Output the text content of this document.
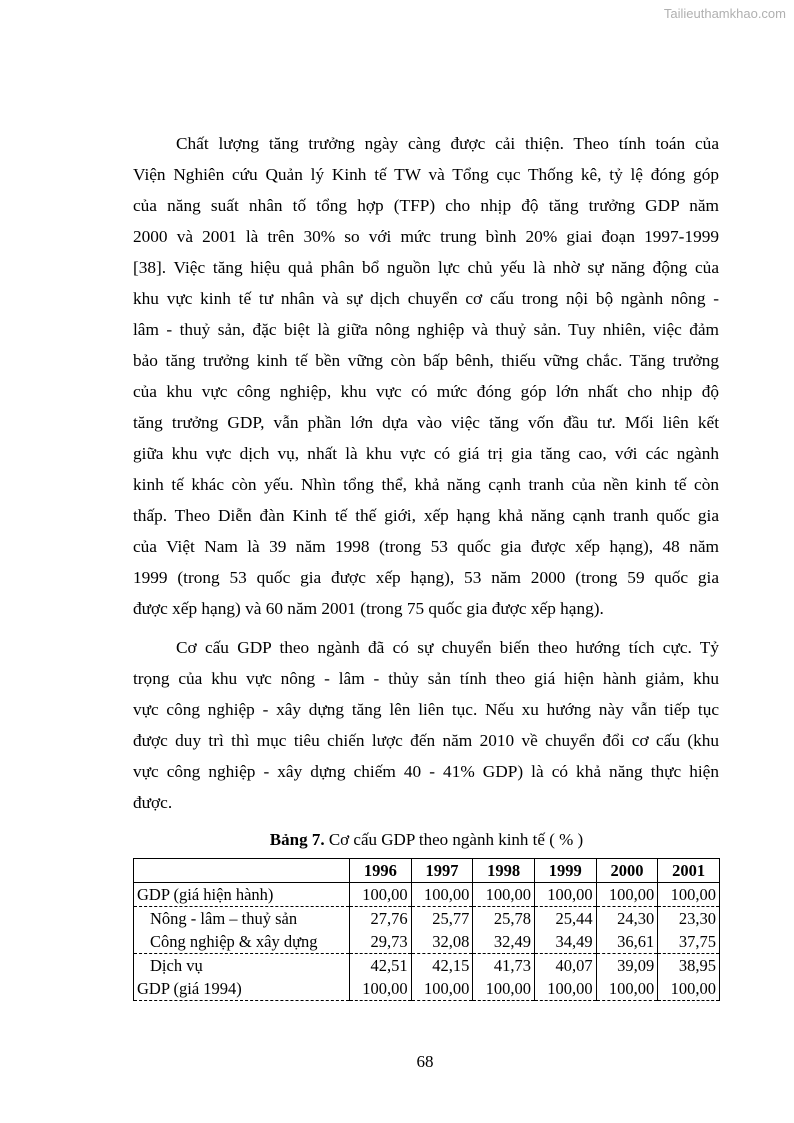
Tailieuthamkhao.com
Chất lượng tăng trưởng ngày càng được cải thiện. Theo tính toán của
Viện Nghiên cứu Quản lý Kinh tế TW và Tổng cục Thống kê, tỷ lệ đóng góp
của năng suất nhân tố tổng hợp (TFP) cho nhịp độ tăng trưởng GDP năm
2000 và 2001 là trên 30% so với mức trung bình 20% giai đoạn 1997-1999
[38]. Việc tăng hiệu quả phân bổ nguồn lực chủ yếu là nhờ sự năng động của
khu vực kinh tế tư nhân và sự dịch chuyển cơ cấu trong nội bộ ngành nông -
lâm - thuỷ sản, đặc biệt là giữa nông nghiệp và thuỷ sản. Tuy nhiên, việc đảm
bảo tăng trưởng kinh tế bền vững còn bấp bênh, thiếu vững chắc. Tăng trưởng
của khu vực công nghiệp, khu vực có mức đóng góp lớn nhất cho nhịp độ
tăng trưởng GDP, vẫn phần lớn dựa vào việc tăng vốn đầu tư. Mối liên kết
giữa khu vực dịch vụ, nhất là khu vực có giá trị gia tăng cao, với các ngành
kinh tế khác còn yếu. Nhìn tổng thể, khả năng cạnh tranh của nền kinh tế còn
thấp. Theo Diễn đàn Kinh tế thế giới, xếp hạng khả năng cạnh tranh quốc gia
của Việt Nam là 39 năm 1998 (trong 53 quốc gia được xếp hạng), 48 năm
1999 (trong 53 quốc gia được xếp hạng), 53 năm 2000 (trong 59 quốc gia
được xếp hạng) và 60 năm 2001 (trong 75 quốc gia được xếp hạng).
Cơ cấu GDP theo ngành đã có sự chuyển biến theo hướng tích cực. Tỷ
trọng của khu vực nông - lâm - thủy sản tính theo giá hiện hành giảm, khu
vực công nghiệp - xây dựng tăng lên liên tục. Nếu xu hướng này vẫn tiếp tục
được duy trì thì mục tiêu chiến lược đến năm 2010 về chuyển đổi cơ cấu (khu
vực công nghiệp - xây dựng chiếm 40 - 41% GDP) là có khả năng thực hiện
được.
Bảng 7. Cơ cấu GDP theo ngành kinh tế ( % )
	1996	1997	1998	1999	2000	2001
GDP (giá hiện hành)	100,00	100,00	100,00	100,00	100,00	100,00
Nông - lâm – thuỷ sản	27,76	25,77	25,78	25,44	24,30	23,30
Công nghiệp & xây dựng	29,73	32,08	32,49	34,49	36,61	37,75
Dịch vụ	42,51	42,15	41,73	40,07	39,09	38,95
GDP (giá 1994)	100,00	100,00	100,00	100,00	100,00	100,00
68
